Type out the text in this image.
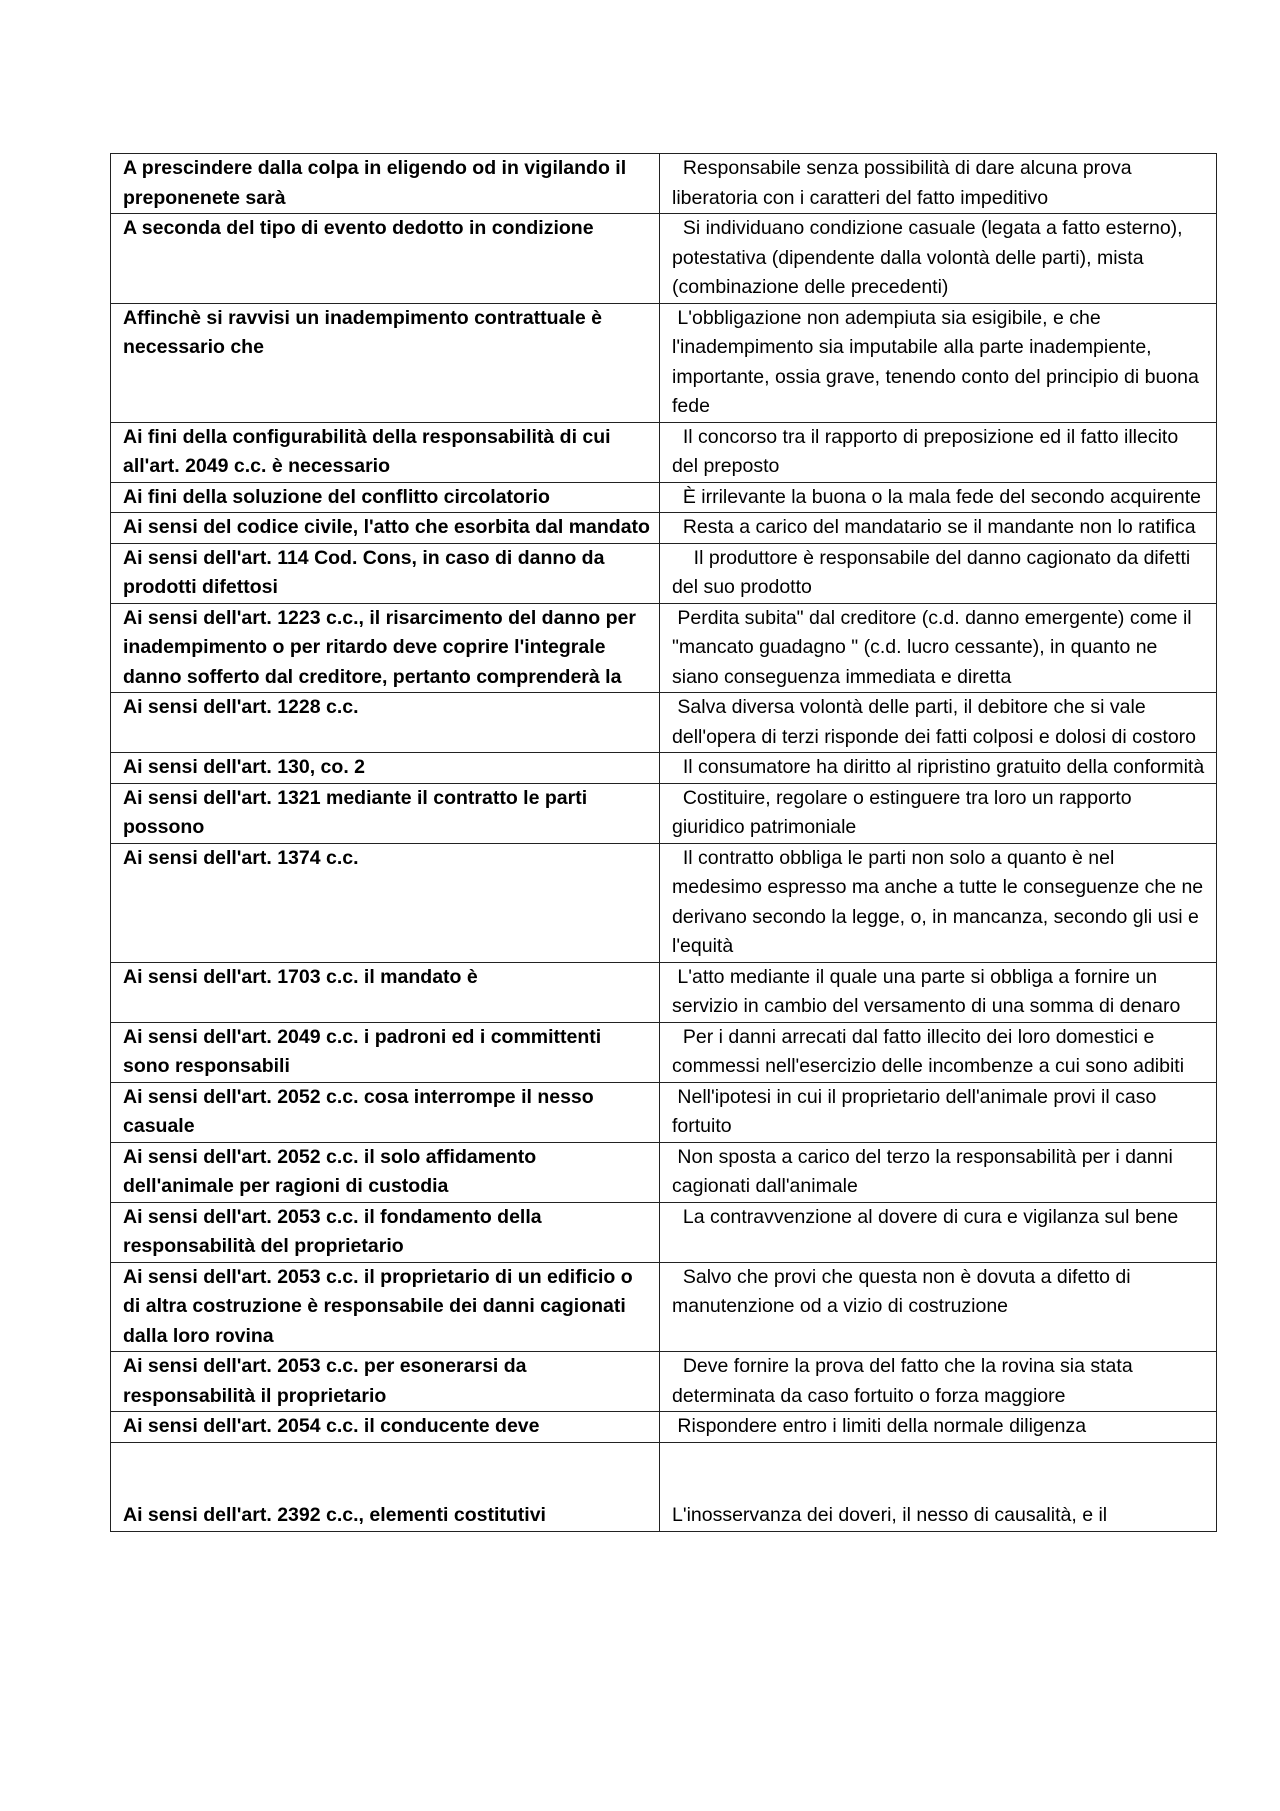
A prescindere dalla colpa in eligendo od in vigilando il preponenete sarà	Responsabile senza possibilità di dare alcuna prova liberatoria con i caratteri del fatto impeditivo
A seconda del tipo di evento dedotto in condizione	Si individuano condizione casuale (legata a fatto esterno), potestativa (dipendente dalla volontà delle parti), mista (combinazione delle precedenti)
Affinchè si ravvisi un inadempimento contrattuale è necessario che	L'obbligazione non adempiuta sia esigibile, e che l'inadempimento sia imputabile alla parte inadempiente, importante, ossia grave, tenendo conto del principio di buona fede
Ai fini della configurabilità della responsabilità di cui all'art. 2049 c.c. è necessario	Il concorso tra il rapporto di preposizione ed il fatto illecito del preposto
Ai fini della soluzione del conflitto circolatorio	È irrilevante la buona o la mala fede del secondo acquirente
Ai sensi del codice civile, l'atto che esorbita dal mandato	Resta a carico del mandatario se il mandante non lo ratifica
Ai sensi dell'art. 114 Cod. Cons, in caso di danno da prodotti difettosi	Il produttore è responsabile del danno cagionato da difetti del suo prodotto
Ai sensi dell'art. 1223 c.c., il risarcimento del danno per inadempimento o per ritardo deve coprire l'integrale danno sofferto dal creditore, pertanto comprenderà la	Perdita subita" dal creditore (c.d. danno emergente) come il "mancato guadagno " (c.d. lucro cessante), in quanto ne siano conseguenza immediata e diretta
Ai sensi dell'art. 1228 c.c.	Salva diversa volontà delle parti, il debitore che si vale dell'opera di terzi risponde dei fatti colposi e dolosi di costoro
Ai sensi dell'art. 130, co. 2	Il consumatore ha diritto al ripristino gratuito della conformità
Ai sensi dell'art. 1321 mediante il contratto le parti possono	Costituire, regolare o estinguere tra loro un rapporto giuridico patrimoniale
Ai sensi dell'art. 1374 c.c.	Il contratto obbliga le parti non solo a quanto è nel medesimo espresso ma anche a tutte le conseguenze che ne derivano secondo la legge, o, in mancanza, secondo gli usi e l'equità
Ai sensi dell'art. 1703 c.c. il mandato è	L'atto mediante il quale una parte si obbliga a fornire un servizio in cambio del versamento di una somma di denaro
Ai sensi dell'art. 2049 c.c. i padroni ed i committenti sono responsabili	Per i danni arrecati dal fatto illecito dei loro domestici e commessi nell'esercizio delle incombenze a cui sono adibiti
Ai sensi dell'art. 2052 c.c. cosa interrompe il nesso casuale	Nell'ipotesi in cui il proprietario dell'animale provi il caso fortuito
Ai sensi dell'art. 2052 c.c. il solo affidamento dell'animale per ragioni di custodia	Non sposta a carico del terzo la responsabilità per i danni cagionati dall'animale
Ai sensi dell'art. 2053 c.c. il fondamento della responsabilità del proprietario	La contravvenzione al dovere di cura e vigilanza sul bene
Ai sensi dell'art. 2053 c.c. il proprietario di un edificio o di altra costruzione è responsabile dei danni cagionati dalla loro rovina	Salvo che provi che questa non è dovuta a difetto di manutenzione od a vizio di costruzione
Ai sensi dell'art. 2053 c.c. per esonerarsi da responsabilità il proprietario	Deve fornire la prova del fatto che la rovina sia stata determinata da caso fortuito o forza maggiore
Ai sensi dell'art. 2054 c.c. il conducente deve	Rispondere entro i limiti della normale diligenza
Ai sensi dell'art. 2392 c.c., elementi costitutivi	L'inosservanza dei doveri, il nesso di causalità, e il
